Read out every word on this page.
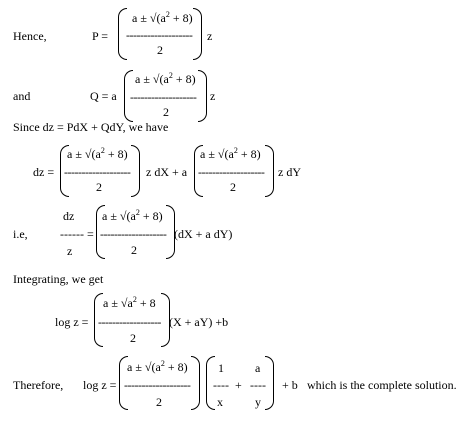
Hence,	P =
$a \pm √(a^2 + 8)$
-------------------
2
z
and	Q = a
$a \pm √(a^2 + 8)$
-------------------
2
z
Since dz = PdX + QdY, we have
dz =
$a \pm √(a^2 + 8)$
-------------------
2
z dX + a
$a \pm √(a^2 + 8)$
-------------------
2
z dY
i.e,
dz
------
z
=
$a \pm √(a^2 + 8)$
-------------------
2
(dX + a dY)
Integrating, we get
log z =
$a \pm √a^2 + 8$
------------------
2
(X + aY) +b
Therefore, log z =
$a \pm √(a^2 + 8)$
-------------------
2
1
----
x
+
a
----
y
+ b which is the complete solution.
